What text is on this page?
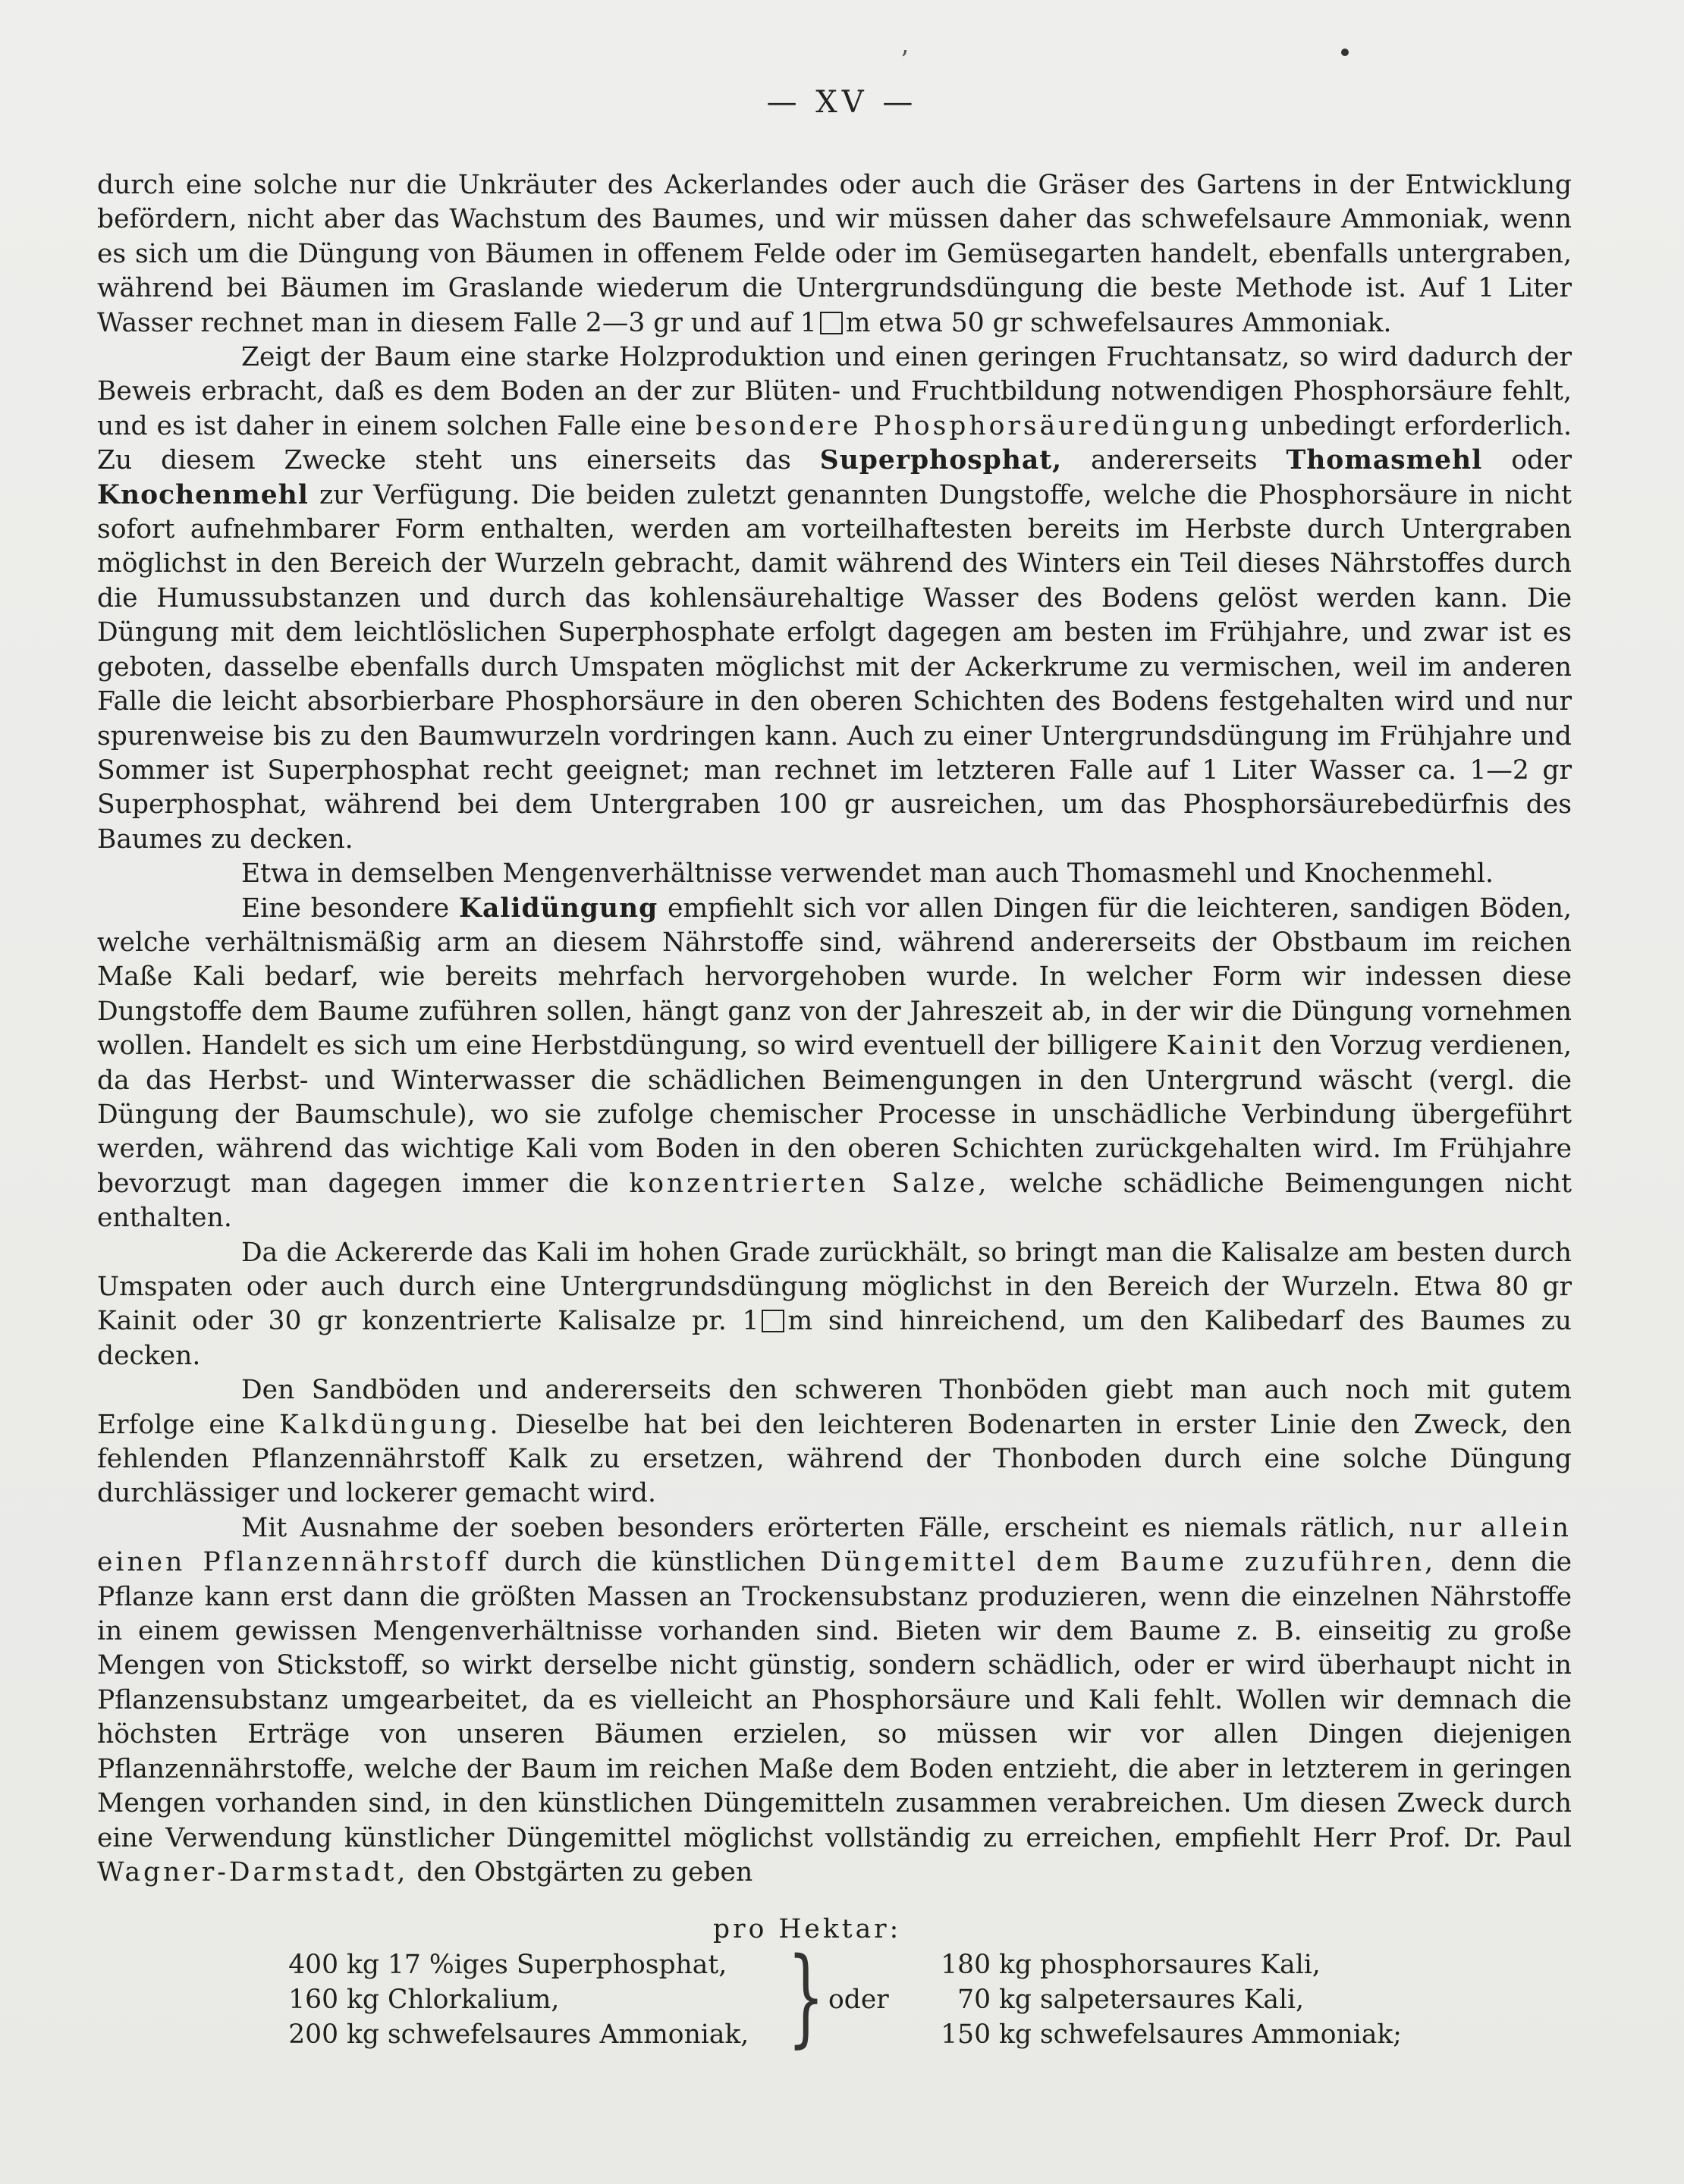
ʼ
— XV —

durch eine solche nur die Unkräuter des Ackerlandes oder auch die Gräser des Gartens in der Entwicklung befördern, nicht aber das Wachstum des Baumes, und wir müssen daher das schwefelsaure Ammoniak, wenn es sich um die Düngung von Bäumen in offenem Felde oder im Gemüsegarten handelt, ebenfalls untergraben, während bei Bäumen im Graslande wiederum die Untergrundsdüngung die beste Methode ist. Auf 1 Liter Wasser rechnet man in diesem Falle 2—3 gr und auf 1 m etwa 50 gr schwefelsaures Ammoniak.

Zeigt der Baum eine starke Holzproduktion und einen geringen Fruchtansatz, so wird dadurch der Beweis erbracht, daß es dem Boden an der zur Blüten- und Fruchtbildung notwendigen Phosphorsäure fehlt, und es ist daher in einem solchen Falle eine besondere Phosphorsäuredüngung unbedingt erforderlich. Zu diesem Zwecke steht uns einerseits das Superphosphat, andererseits Thomasmehl oder Knochenmehl zur Verfügung. Die beiden zuletzt genannten Dungstoffe, welche die Phosphorsäure in nicht sofort aufnehmbarer Form enthalten, werden am vorteilhaftesten bereits im Herbste durch Untergraben möglichst in den Bereich der Wurzeln gebracht, damit während des Winters ein Teil dieses Nährstoffes durch die Humussubstanzen und durch das kohlensäurehaltige Wasser des Bodens gelöst werden kann. Die Düngung mit dem leichtlöslichen Superphosphate erfolgt dagegen am besten im Frühjahre, und zwar ist es geboten, dasselbe ebenfalls durch Umspaten möglichst mit der Ackerkrume zu vermischen, weil im anderen Falle die leicht absorbierbare Phosphorsäure in den oberen Schichten des Bodens festgehalten wird und nur spurenweise bis zu den Baumwurzeln vordringen kann. Auch zu einer Untergrundsdüngung im Frühjahre und Sommer ist Superphosphat recht geeignet; man rechnet im letzteren Falle auf 1 Liter Wasser ca. 1—2 gr Superphosphat, während bei dem Untergraben 100 gr ausreichen, um das Phosphorsäurebedürfnis des Baumes zu decken.

Etwa in demselben Mengenverhältnisse verwendet man auch Thomasmehl und Knochenmehl.

Eine besondere Kalidüngung empfiehlt sich vor allen Dingen für die leichteren, sandigen Böden, welche verhältnismäßig arm an diesem Nährstoffe sind, während andererseits der Obstbaum im reichen Maße Kali bedarf, wie bereits mehrfach hervorgehoben wurde. In welcher Form wir indessen diese Dungstoffe dem Baume zuführen sollen, hängt ganz von der Jahreszeit ab, in der wir die Düngung vornehmen wollen. Handelt es sich um eine Herbstdüngung, so wird eventuell der billigere Kainit den Vorzug verdienen, da das Herbst- und Winterwasser die schädlichen Beimengungen in den Untergrund wäscht (vergl. die Düngung der Baumschule), wo sie zufolge chemischer Processe in unschädliche Verbindung übergeführt werden, während das wichtige Kali vom Boden in den oberen Schichten zurückgehalten wird. Im Frühjahre bevorzugt man dagegen immer die konzentrierten Salze, welche schädliche Beimengungen nicht enthalten.

Da die Ackererde das Kali im hohen Grade zurückhält, so bringt man die Kalisalze am besten durch Umspaten oder auch durch eine Untergrundsdüngung möglichst in den Bereich der Wurzeln. Etwa 80 gr Kainit oder 30 gr konzentrierte Kalisalze pr. 1 m sind hinreichend, um den Kalibedarf des Baumes zu decken.

Den Sandböden und andererseits den schweren Thonböden giebt man auch noch mit gutem Erfolge eine Kalkdüngung. Dieselbe hat bei den leichteren Bodenarten in erster Linie den Zweck, den fehlenden Pflanzennährstoff Kalk zu ersetzen, während der Thonboden durch eine solche Düngung durchlässiger und lockerer gemacht wird.

Mit Ausnahme der soeben besonders erörterten Fälle, erscheint es niemals rätlich, nur allein einen Pflanzennährstoff durch die künstlichen Düngemittel dem Baume zuzuführen, denn die Pflanze kann erst dann die größten Massen an Trockensubstanz produzieren, wenn die einzelnen Nährstoffe in einem gewissen Mengenverhältnisse vorhanden sind. Bieten wir dem Baume z. B. einseitig zu große Mengen von Stickstoff, so wirkt derselbe nicht günstig, sondern schädlich, oder er wird überhaupt nicht in Pflanzensubstanz umgearbeitet, da es vielleicht an Phosphorsäure und Kali fehlt. Wollen wir demnach die höchsten Erträge von unseren Bäumen erzielen, so müssen wir vor allen Dingen diejenigen Pflanzennährstoffe, welche der Baum im reichen Maße dem Boden entzieht, die aber in letzterem in geringen Mengen vorhanden sind, in den künstlichen Düngemitteln zusammen verabreichen. Um diesen Zweck durch eine Verwendung künstlicher Düngemittel möglichst vollständig zu erreichen, empfiehlt Herr Prof. Dr. Paul Wagner-Darmstadt, den Obstgärten zu geben

pro Hektar:
400 kg 17 %iges Superphosphat,
160 kg Chlorkalium,
200 kg schwefelsaures Ammoniak, } oder
180 kg phosphorsaures Kali,
70 kg salpetersaures Kali,
150 kg schwefelsaures Ammoniak;
